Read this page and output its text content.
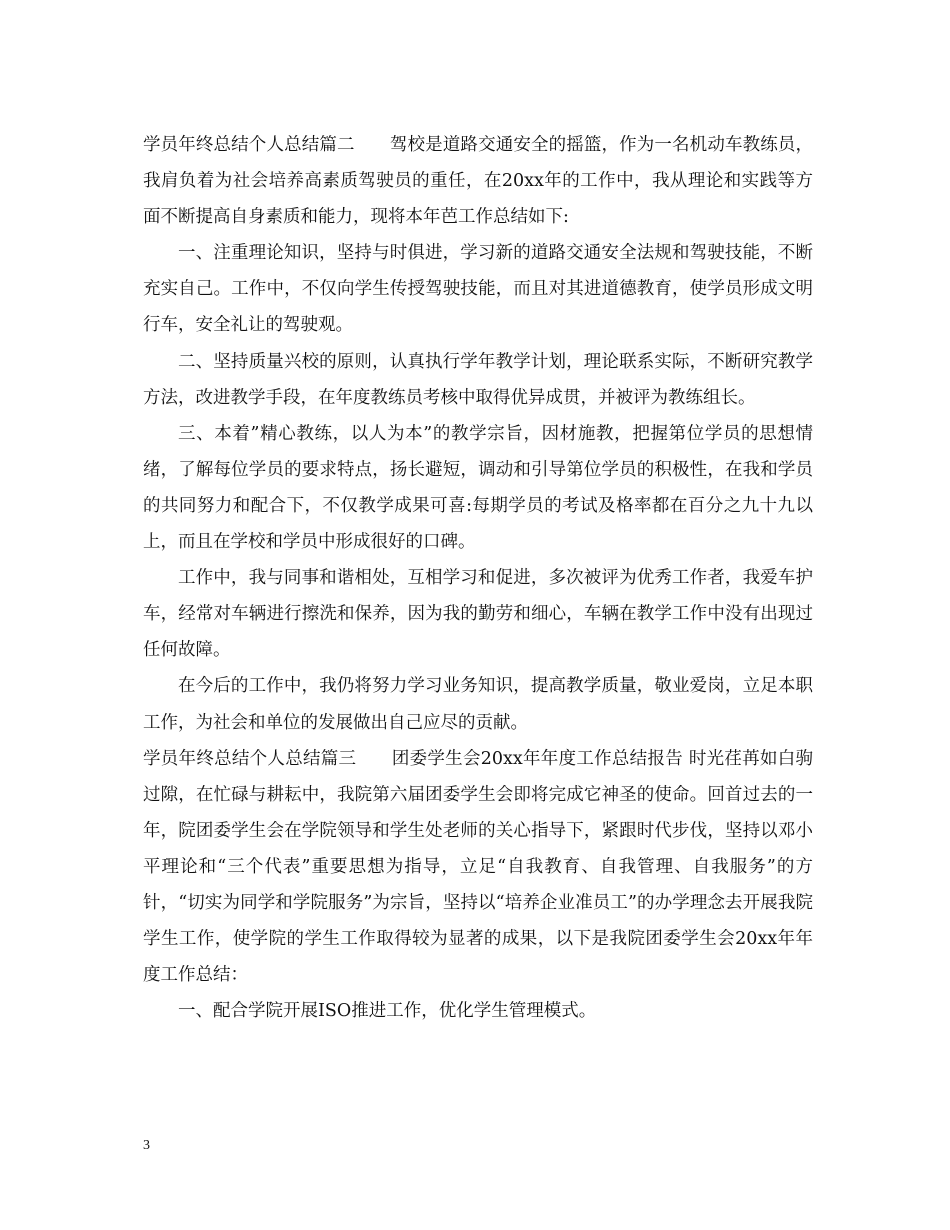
学员年终总结个人总结篇二　　驾校是道路交通安全的摇篮，作为一名机动车教练员，我肩负着为社会培养高素质驾驶员的重任，在20xx年的工作中，我从理论和实践等方面不断提高自身素质和能力，现将本年芭工作总结如下:

一、注重理论知识，坚持与时俱进，学习新的道路交通安全法规和驾驶技能，不断充实自己。工作中，不仅向学生传授驾驶技能，而且对其进道德教育，使学员形成文明行车，安全礼让的驾驶观。

二、坚持质量兴校的原则，认真执行学年教学计划，理论联系实际，不断研究教学方法，改进教学手段，在年度教练员考核中取得优异成贯，并被评为教练组长。

三、本着”精心教练，以人为本”的教学宗旨，因材施教，把握第位学员的思想情绪，了解每位学员的要求特点，扬长避短，调动和引导第位学员的积极性，在我和学员的共同努力和配合下，不仅教学成果可喜:每期学员的考试及格率都在百分之九十九以上，而且在学校和学员中形成很好的口碑。

工作中，我与同事和谐相处，互相学习和促进，多次被评为优秀工作者，我爱车护车，经常对车辆进行擦洗和保养，因为我的勤劳和细心，车辆在教学工作中没有出现过任何故障。

在今后的工作中，我仍将努力学习业务知识，提高教学质量，敬业爱岗，立足本职工作，为社会和单位的发展做出自己应尽的贡献。

学员年终总结个人总结篇三　　团委学生会20xx年年度工作总结报告 时光荏苒如白驹过隙，在忙碌与耕耘中，我院第六届团委学生会即将完成它神圣的使命。回首过去的一年，院团委学生会在学院领导和学生处老师的关心指导下，紧跟时代步伐，坚持以邓小平理论和“三个代表”重要思想为指导，立足“自我教育、自我管理、自我服务”的方针，“切实为同学和学院服务”为宗旨，坚持以“培养企业准员工”的办学理念去开展我院学生工作，使学院的学生工作取得较为显著的成果，以下是我院团委学生会20xx年年度工作总结：

一、配合学院开展ISO推进工作，优化学生管理模式。

3
